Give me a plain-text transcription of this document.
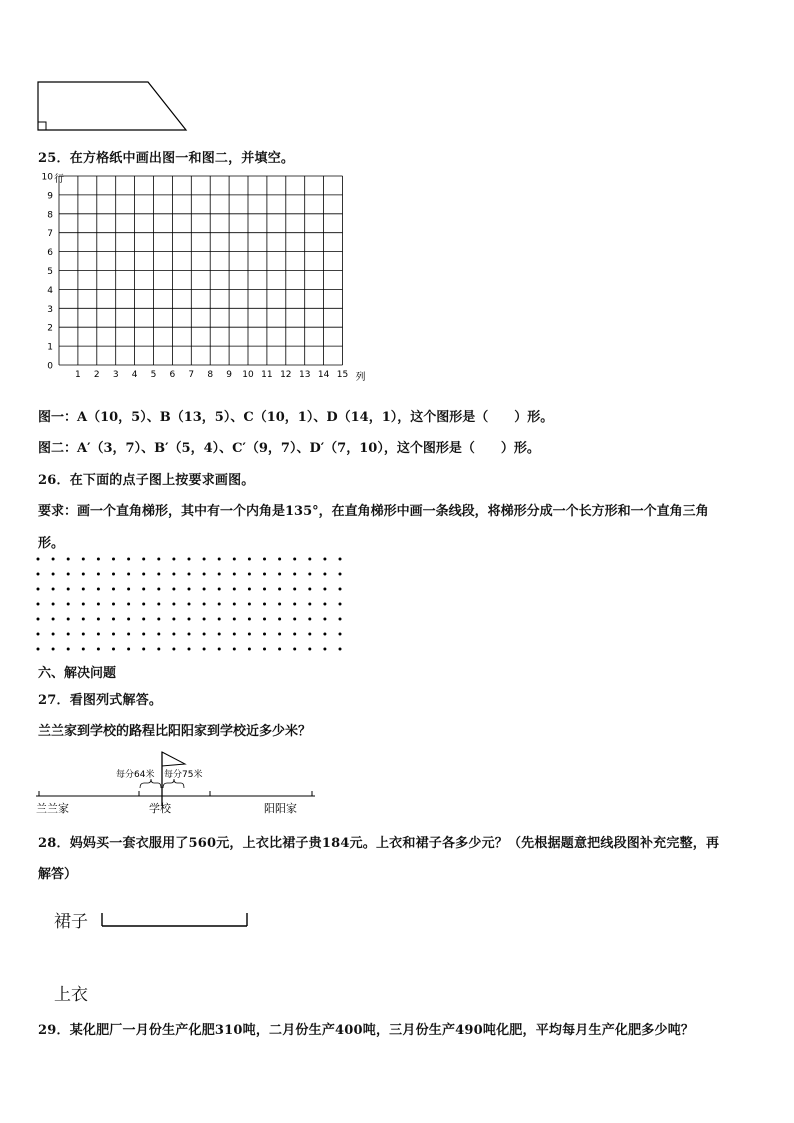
25．在方格纸中画出图一和图二，并填空。
0
1
2
3
4
5
6
7
8
9
10
1 2 3 4 5 6 7 8 9 10 11 12 13 14 15
行
列
图一：A（10，5）、B（13，5）、C（10，1）、D（14，1），这个图形是（　　）形。
图二：A′（3，7）、B′（5，4）、C′（9，7）、D′（7，10），这个图形是（　　）形。
26．在下面的点子图上按要求画图。
要求：画一个直角梯形，其中有一个内角是135°，在直角梯形中画一条线段，将梯形分成一个长方形和一个直角三角
形。
六、解决问题
27．看图列式解答。
兰兰家到学校的路程比阳阳家到学校近多少米？
每分64米 每分75米
兰兰家	学校	阳阳家
28．妈妈买一套衣服用了560元，上衣比裙子贵184元。上衣和裙子各多少元？（先根据题意把线段图补充完整，再
解答）
裙子
上衣
29．某化肥厂一月份生产化肥310吨，二月份生产400吨，三月份生产490吨化肥，平均每月生产化肥多少吨？
